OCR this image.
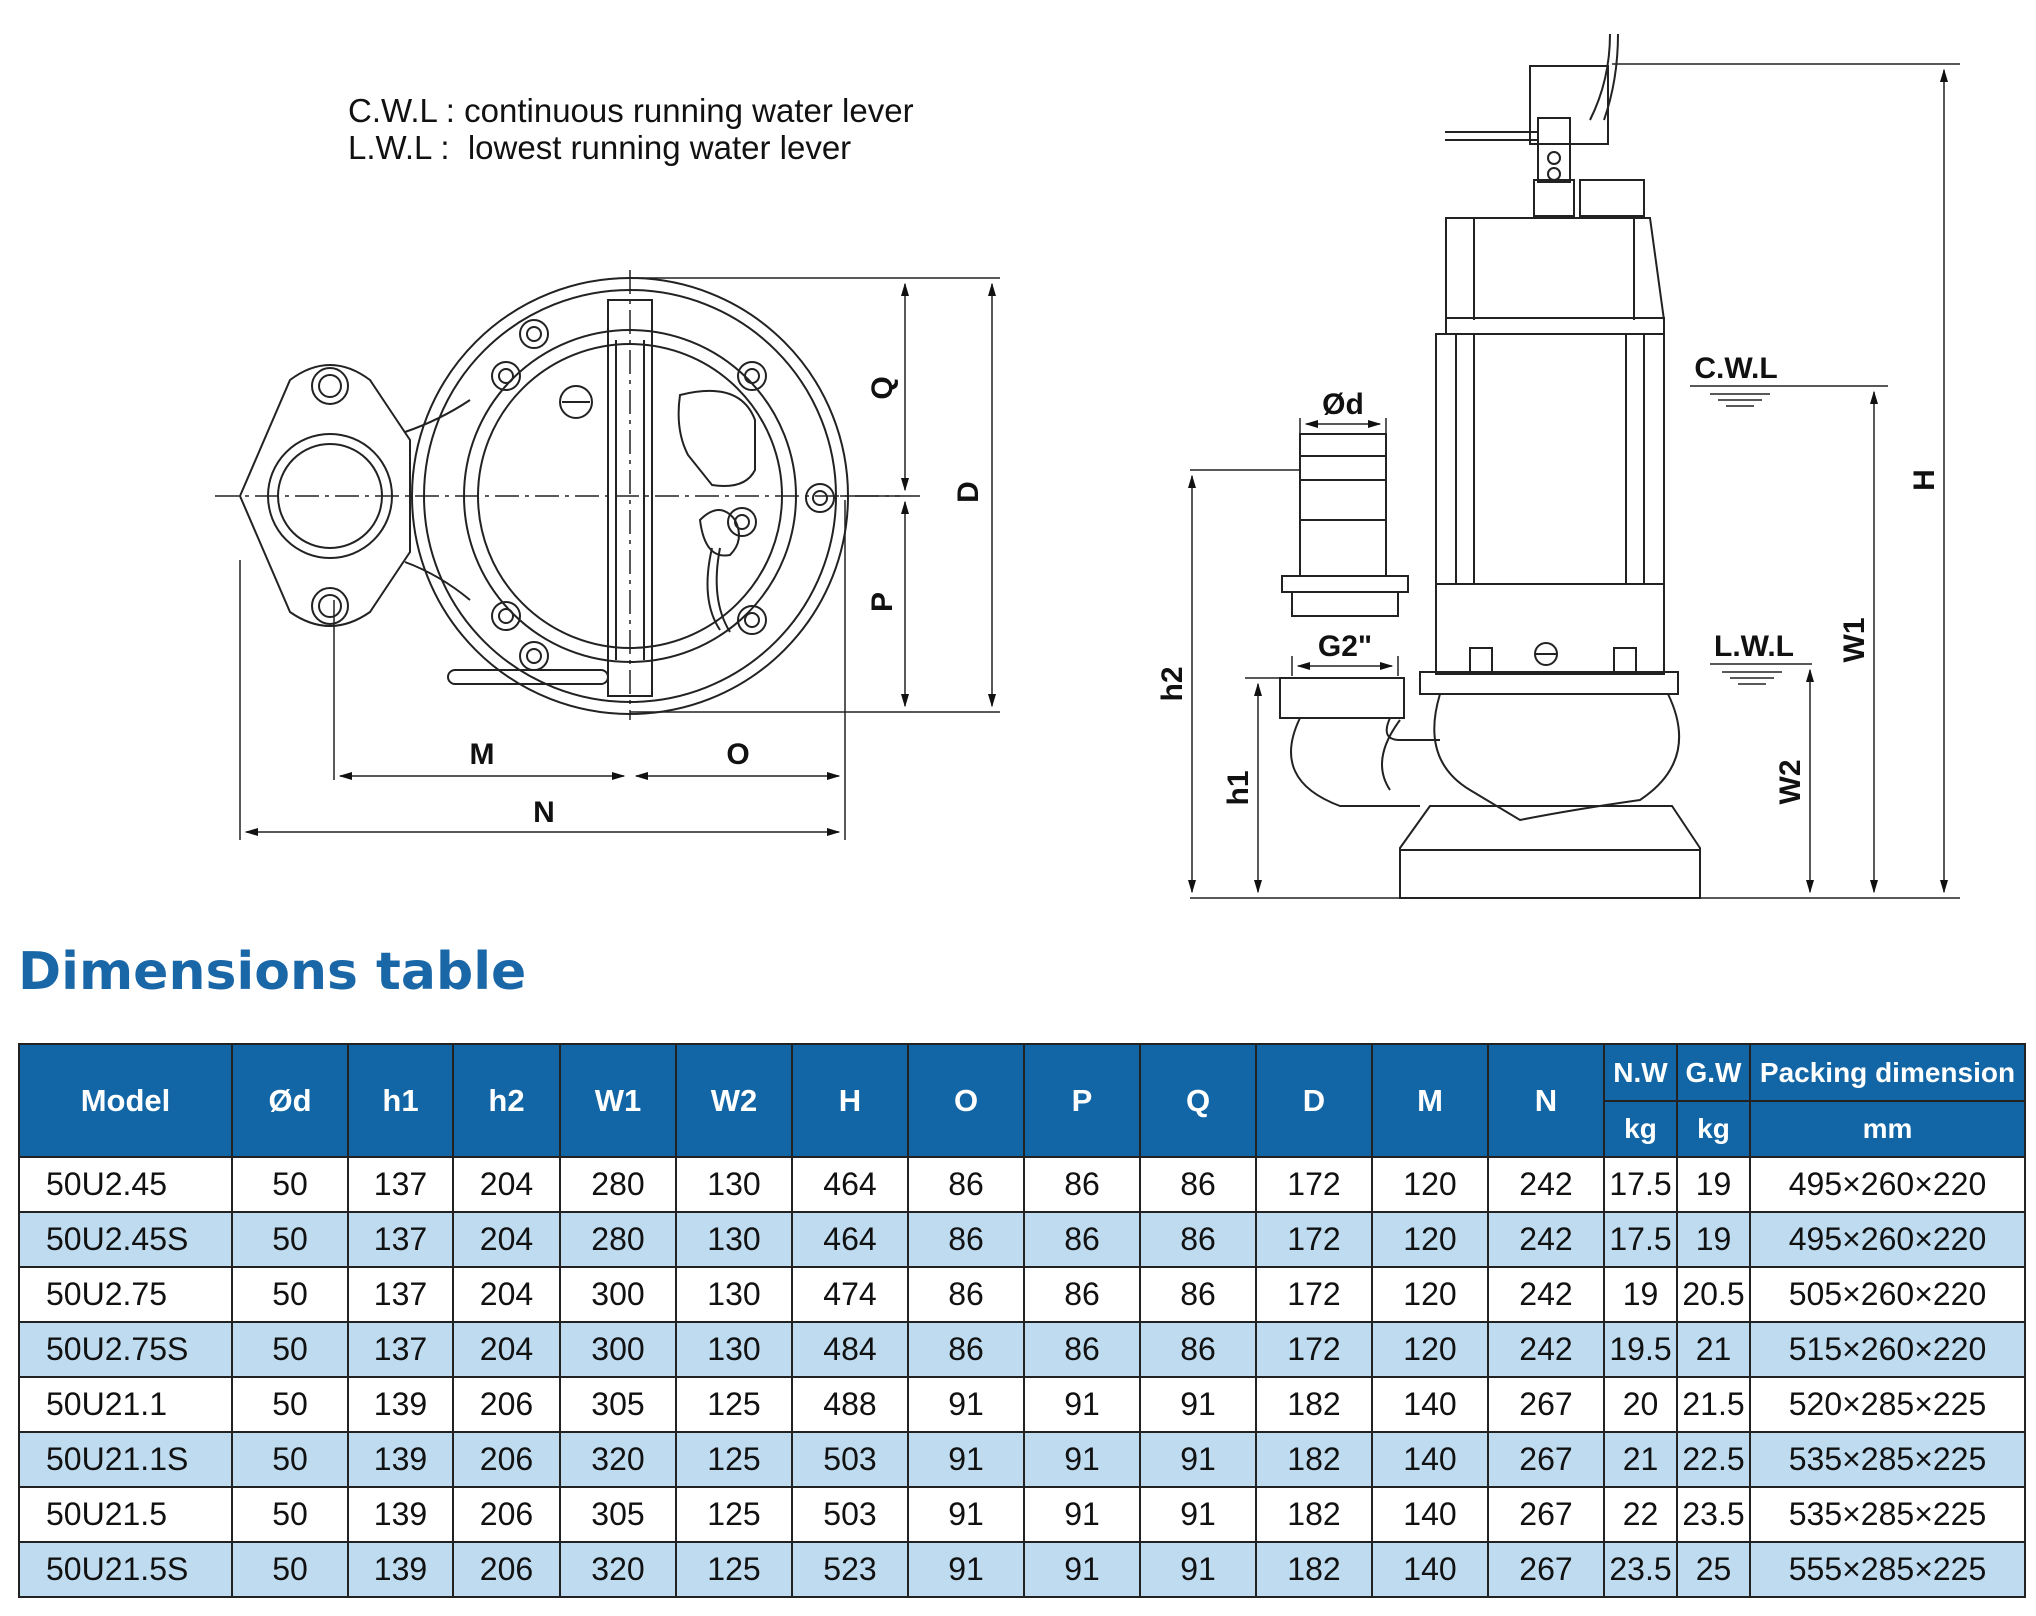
Q
P
D
M	O
N
Ød
G2"
h2
h1
C.W.L
L.W.L W1
W2
H
C.W.L : continuous running water lever
L.W.L :  lowest running water lever
Dimensions table
Model	Ød	h1	h2	W1	W2	H	O	P	Q	D	M	N	N.W	G.W	Packing dimension
													kg	kg	mm
50U2.45	50	137	204	280	130	464	86	86	86	172	120	242	17.5	19	495×260×220
50U2.45S	50	137	204	280	130	464	86	86	86	172	120	242	17.5	19	495×260×220
50U2.75	50	137	204	300	130	474	86	86	86	172	120	242	19	20.5	505×260×220
50U2.75S	50	137	204	300	130	484	86	86	86	172	120	242	19.5	21	515×260×220
50U21.1	50	139	206	305	125	488	91	91	91	182	140	267	20	21.5	520×285×225
50U21.1S	50	139	206	320	125	503	91	91	91	182	140	267	21	22.5	535×285×225
50U21.5	50	139	206	305	125	503	91	91	91	182	140	267	22	23.5	535×285×225
50U21.5S	50	139	206	320	125	523	91	91	91	182	140	267	23.5	25	555×285×225
